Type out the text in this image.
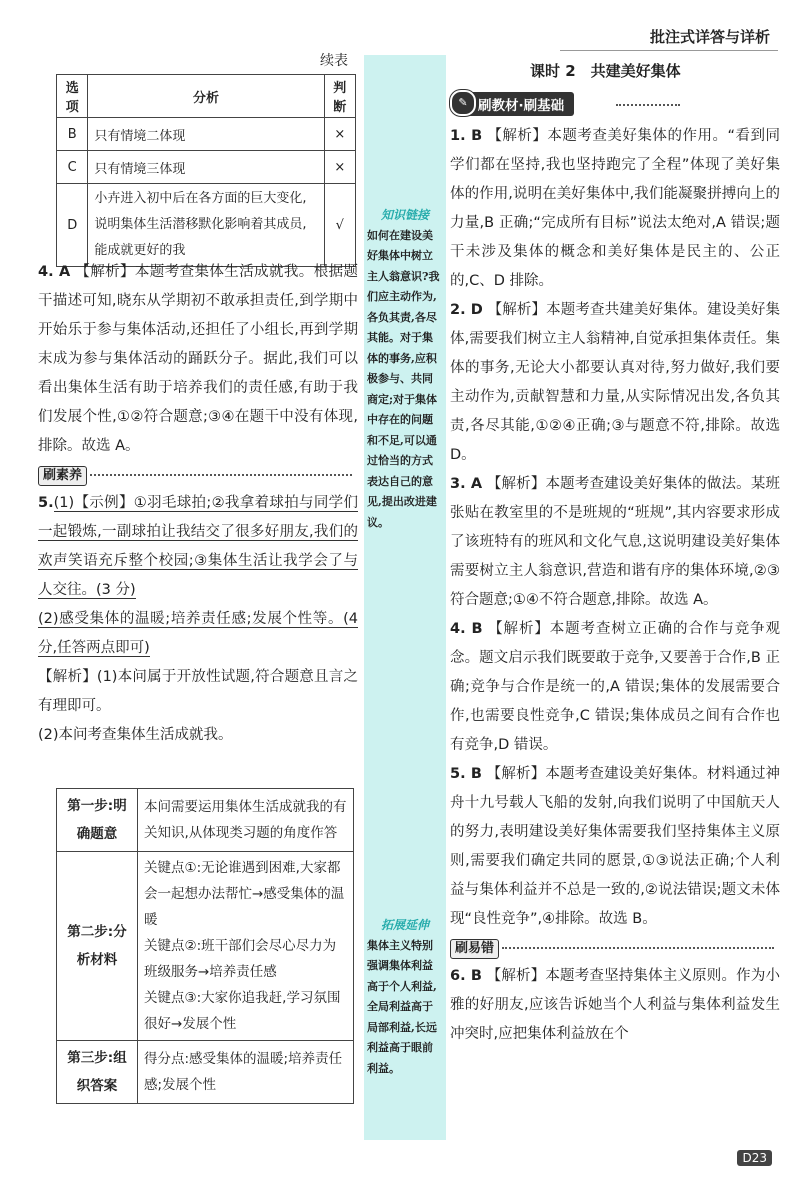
批注式详答与详析
续表
选项	分析	判断
B	只有情境二体现	×
C	只有情境三体现	×
D	小卉进入初中后在各方面的巨大变化,说明集体生活潜移默化影响着其成员,能成就更好的我	√

4. A 【解析】本题考查集体生活成就我。根据题干描述可知,晓东从学期初不敢承担责任,到学期中开始乐于参与集体活动,还担任了小组长,再到学期末成为参与集体活动的踊跃分子。据此,我们可以看出集体生活有助于培养我们的责任感,有助于我们发展个性,①②符合题意;③④在题干中没有体现,排除。故选 A。

刷素养

5.(1)【示例】①羽毛球拍;②我拿着球拍与同学们一起锻炼,一副球拍让我结交了很多好朋友,我们的欢声笑语充斥整个校园;③集体生活让我学会了与人交往。(3 分)

(2)感受集体的温暖;培养责任感;发展个性等。(4 分,任答两点即可)

【解析】(1)本问属于开放性试题,符合题意且言之有理即可。

(2)本问考查集体生活成就我。

第一步:明确题意	本问需要运用集体生活成就我的有关知识,从体现类习题的角度作答
第二步:分析材料	关键点①:无论谁遇到困难,大家都会一起想办法帮忙→感受集体的温暖
关键点②:班干部们会尽心尽力为班级服务→培养责任感
关键点③:大家你追我赶,学习氛围很好→发展个性

第三步:组织答案	得分点:感受集体的温暖;培养责任感;发展个性
知识链接
如何在建设美好集体中树立主人翁意识?我们应主动作为,各负其责,各尽其能。对于集体的事务,应积极参与、共同商定;对于集体中存在的问题和不足,可以通过恰当的方式表达自己的意见,提出改进建议。
拓展延伸
集体主义特别强调集体利益高于个人利益,全局利益高于局部利益,长远利益高于眼前利益。
课时 2　共建美好集体
✎ 刷教材·刷基础

1. B 【解析】本题考查美好集体的作用。“看到同学们都在坚持,我也坚持跑完了全程”体现了美好集体的作用,说明在美好集体中,我们能凝聚拼搏向上的力量,B 正确;“完成所有目标”说法太绝对,A 错误;题干未涉及集体的概念和美好集体是民主的、公正的,C、D 排除。

2. D 【解析】本题考查共建美好集体。建设美好集体,需要我们树立主人翁精神,自觉承担集体责任。集体的事务,无论大小都要认真对待,努力做好,我们要主动作为,贡献智慧和力量,从实际情况出发,各负其责,各尽其能,①②④正确;③与题意不符,排除。故选 D。

3. A 【解析】本题考查建设美好集体的做法。某班张贴在教室里的不是班规的“班规”,其内容要求形成了该班特有的班风和文化气息,这说明建设美好集体需要树立主人翁意识,营造和谐有序的集体环境,②③符合题意;①④不符合题意,排除。故选 A。

4. B 【解析】本题考查树立正确的合作与竞争观念。题文启示我们既要敢于竞争,又要善于合作,B 正确;竞争与合作是统一的,A 错误;集体的发展需要合作,也需要良性竞争,C 错误;集体成员之间有合作也有竞争,D 错误。

5. B 【解析】本题考查建设美好集体。材料通过神舟十九号载人飞船的发射,向我们说明了中国航天人的努力,表明建设美好集体需要我们坚持集体主义原则,需要我们确定共同的愿景,①③说法正确;个人利益与集体利益并不总是一致的,②说法错误;题文未体现“良性竞争”,④排除。故选 B。

刷易错

6. B 【解析】本题考查坚持集体主义原则。作为小雅的好朋友,应该告诉她当个人利益与集体利益发生冲突时,应把集体利益放在个

D23
